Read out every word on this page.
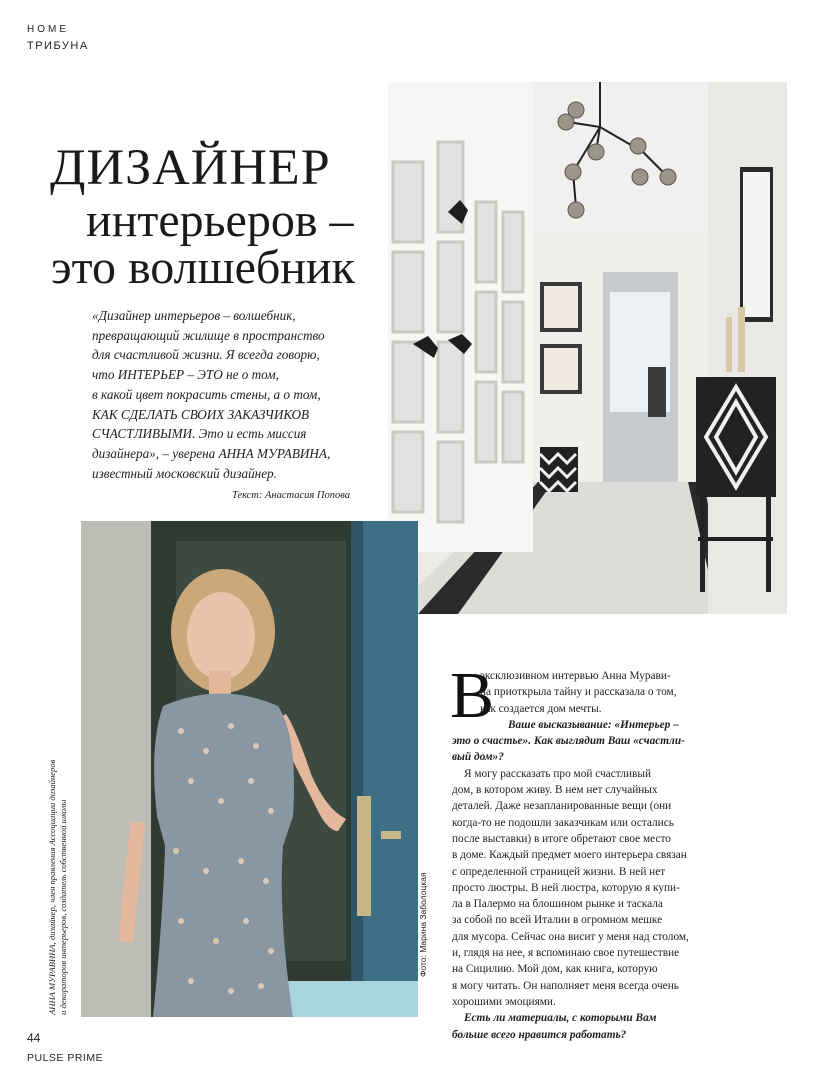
HOME
ТРИБУНА
ДИЗАЙНЕР
интерьеров –
это волшебник
«Дизайнер интерьеров – волшебник,
превращающий жилище в пространство
для счастливой жизни. Я всегда говорю,
что ИНТЕРЬЕР – ЭТО не о том,
в какой цвет покрасить стены, а о том,
КАК СДЕЛАТЬ СВОИХ ЗАКАЗЧИКОВ
СЧАСТЛИВЫМИ. Это и есть миссия
дизайнера», – уверена АННА МУРАВИНА,
известный московский дизайнер.
Текст: Анастасия Попова
АННА МУРАВИНА, дизайнер, член правления Ассоциации дизайнеров и декораторов интерьеров, создатель собственной школы	Фото: Марина Заболоцкая
В
эксклюзивном интервью Анна Мурави-
на приоткрыла тайну и рассказала о том,
как создается дом мечты.
Ваше высказывание: «Интерьер –
это о счастье». Как выглядит Ваш «счастли-
вый дом»?
Я могу рассказать про мой счастливый
дом, в котором живу. В нем нет случайных
деталей. Даже незапланированные вещи (они
когда-то не подошли заказчикам или остались
после выставки) в итоге обретают свое место
в доме. Каждый предмет моего интерьера связан
с определенной страницей жизни. В ней нет
просто люстры. В ней люстра, которую я купи-
ла в Палермо на блошином рынке и таскала
за собой по всей Италии в огромном мешке
для мусора. Сейчас она висит у меня над столом,
и, глядя на нее, я вспоминаю свое путешествие
на Сицилию. Мой дом, как книга, которую
я могу читать. Он наполняет меня всегда очень
хорошими эмоциями.
Есть ли материалы, с которыми Вам
больше всего нравится работать?
44
PULSE PRIME
